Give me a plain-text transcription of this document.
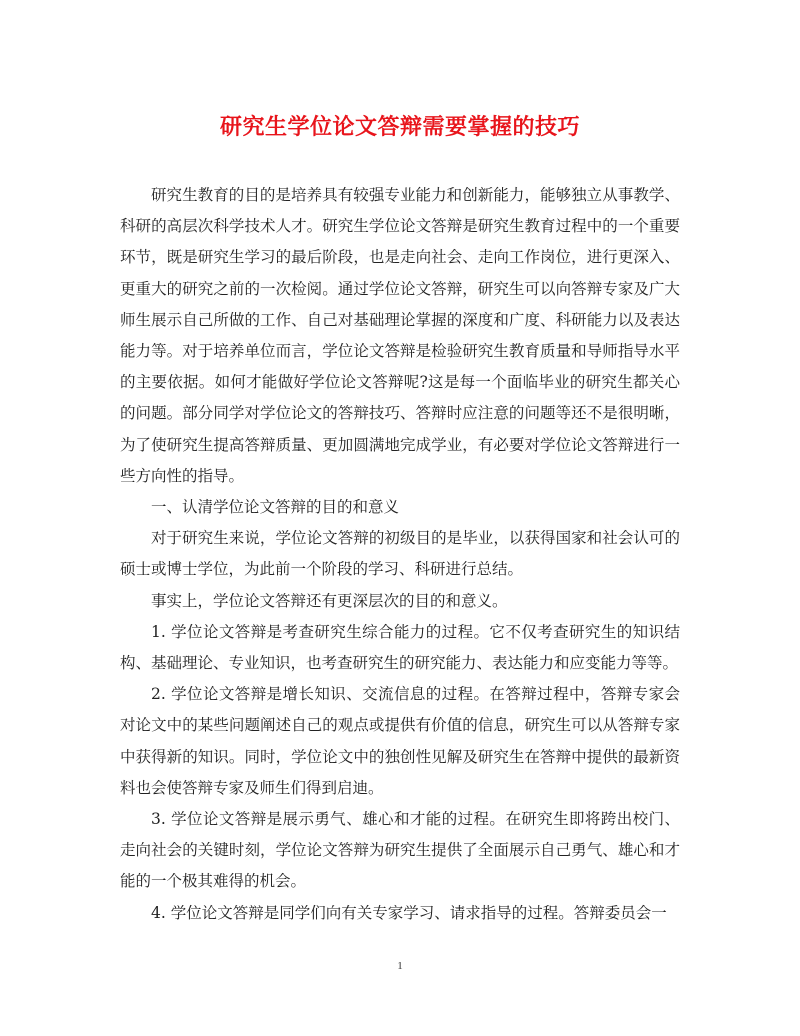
研究生学位论文答辩需要掌握的技巧

研究生教育的目的是培养具有较强专业能力和创新能力，能够独立从事教学、科研的高层次科学技术人才。研究生学位论文答辩是研究生教育过程中的一个重要环节，既是研究生学习的最后阶段，也是走向社会、走向工作岗位，进行更深入、更重大的研究之前的一次检阅。通过学位论文答辩，研究生可以向答辩专家及广大师生展示自己所做的工作、自己对基础理论掌握的深度和广度、科研能力以及表达能力等。对于培养单位而言，学位论文答辩是检验研究生教育质量和导师指导水平的主要依据。如何才能做好学位论文答辩呢?这是每一个面临毕业的研究生都关心的问题。部分同学对学位论文的答辩技巧、答辩时应注意的问题等还不是很明晰，为了使研究生提高答辩质量、更加圆满地完成学业，有必要对学位论文答辩进行一些方向性的指导。

一、认清学位论文答辩的目的和意义

对于研究生来说，学位论文答辩的初级目的是毕业，以获得国家和社会认可的硕士或博士学位，为此前一个阶段的学习、科研进行总结。

事实上，学位论文答辩还有更深层次的目的和意义。

1. 学位论文答辩是考查研究生综合能力的过程。它不仅考查研究生的知识结构、基础理论、专业知识，也考查研究生的研究能力、表达能力和应变能力等等。

2. 学位论文答辩是增长知识、交流信息的过程。在答辩过程中，答辩专家会对论文中的某些问题阐述自己的观点或提供有价值的信息，研究生可以从答辩专家中获得新的知识。同时，学位论文中的独创性见解及研究生在答辩中提供的最新资料也会使答辩专家及师生们得到启迪。

3. 学位论文答辩是展示勇气、雄心和才能的过程。在研究生即将跨出校门、走向社会的关键时刻，学位论文答辩为研究生提供了全面展示自己勇气、雄心和才能的一个极其难得的机会。

4. 学位论文答辩是同学们向有关专家学习、请求指导的过程。答辩委员会一

1
